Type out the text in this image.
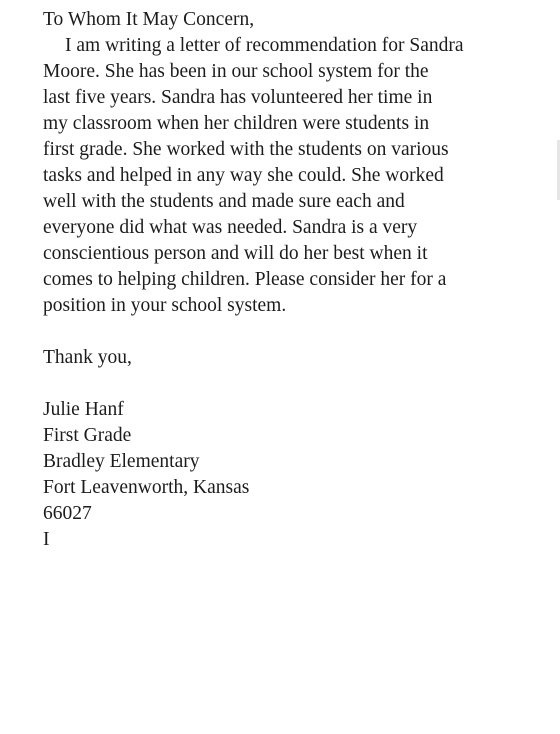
To Whom It May Concern,
I am writing a letter of recommendation for Sandra
Moore. She has been in our school system for the
last five years. Sandra has volunteered her time in
my classroom when her children were students in
first grade. She worked with the students on various
tasks and helped in any way she could. She worked
well with the students and made sure each and
everyone did what was needed. Sandra is a very
conscientious person and will do her best when it
comes to helping children. Please consider her for a
position in your school system.
Thank you,
Julie Hanf
First Grade
Bradley Elementary
Fort Leavenworth, Kansas
66027
I
